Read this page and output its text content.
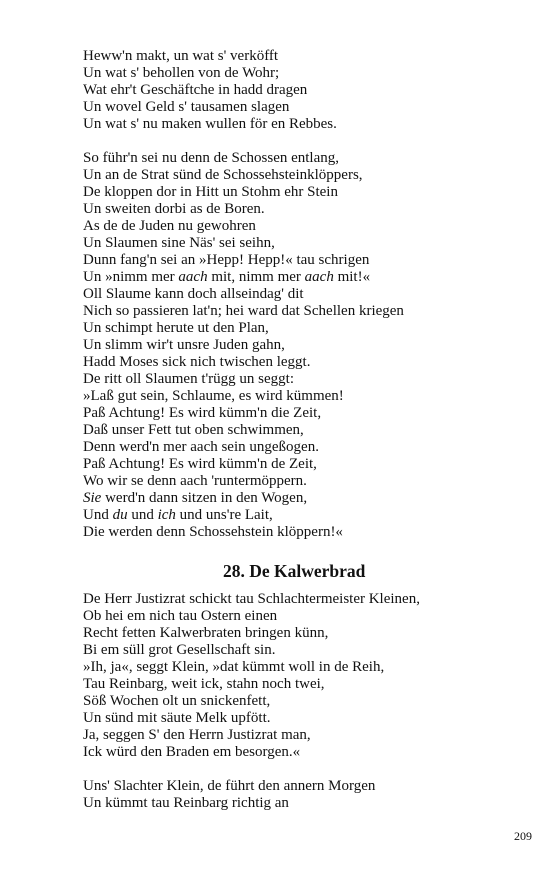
Heww'n makt, un wat s' verköfft
Un wat s' behollen von de Wohr;
Wat ehr't Geschäftche in hadd dragen
Un wovel Geld s' tausamen slagen
Un wat s' nu maken wullen för en Rebbes.
So führ'n sei nu denn de Schossen entlang,
Un an de Strat sünd de Schossehsteinklöppers,
De kloppen dor in Hitt un Stohm ehr Stein
Un sweiten dorbi as de Boren.
As de de Juden nu gewohren
Un Slaumen sine Näs' sei seihn,
Dunn fang'n sei an »Hepp! Hepp!« tau schrigen
Un »nimm mer aach mit, nimm mer aach mit!«
Oll Slaume kann doch allseindag' dit
Nich so passieren lat'n; hei ward dat Schellen kriegen
Un schimpt herute ut den Plan,
Un slimm wir't unsre Juden gahn,
Hadd Moses sick nich twischen leggt.
De ritt oll Slaumen t'rügg un seggt:
»Laß gut sein, Schlaume, es wird kümmen!
Paß Achtung! Es wird kümm'n die Zeit,
Daß unser Fett tut oben schwimmen,
Denn werd'n mer aach sein ungeßogen.
Paß Achtung! Es wird kümm'n de Zeit,
Wo wir se denn aach 'runtermöppern.
Sie werd'n dann sitzen in den Wogen,
Und du und ich und uns're Lait,
Die werden denn Schossehstein klöppern!«
28. De Kalwerbrad
De Herr Justizrat schickt tau Schlachtermeister Kleinen,
Ob hei em nich tau Ostern einen
Recht fetten Kalwerbraten bringen künn,
Bi em süll grot Gesellschaft sin.
»Ih, ja«, seggt Klein, »dat kümmt woll in de Reih,
Tau Reinbarg, weit ick, stahn noch twei,
Söß Wochen olt un snickenfett,
Un sünd mit säute Melk upfött.
Ja, seggen S' den Herrn Justizrat man,
Ick würd den Braden em besorgen.«
Uns' Slachter Klein, de führt den annern Morgen
Un kümmt tau Reinbarg richtig an
209
